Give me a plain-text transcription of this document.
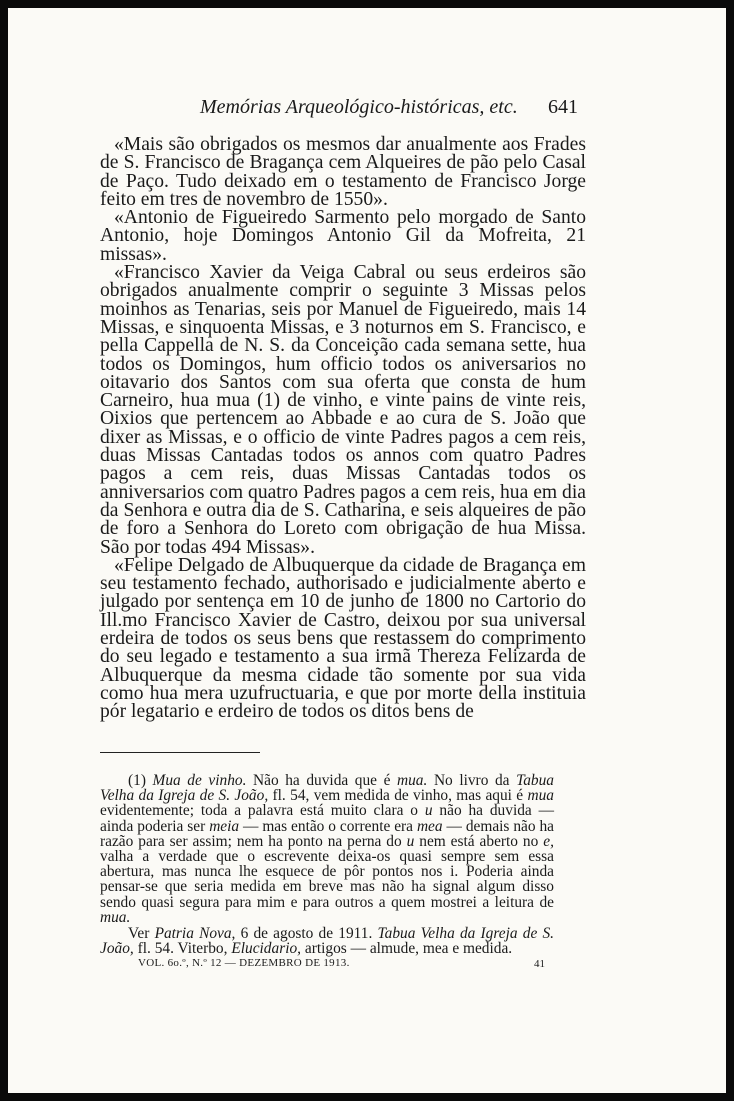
Memórias Arqueológico-históricas, etc. 641

«Mais são obrigados os mesmos dar anualmente aos Frades de S. Francisco de Bragança cem Alqueires de pão pelo Casal de Paço. Tudo deixado em o testamento de Francisco Jorge feito em tres de novembro de 1550».

«Antonio de Figueiredo Sarmento pelo morgado de Santo Antonio, hoje Domingos Antonio Gil da Mofreita, 21 missas».

«Francisco Xavier da Veiga Cabral ou seus erdeiros são obrigados anualmente comprir o seguinte 3 Missas pelos moinhos as Tenarias, seis por Manuel de Figueiredo, mais 14 Missas, e sinquoenta Missas, e 3 noturnos em S. Francisco, e pella Cappella de N. S. da Conceição cada semana sette, hua todos os Domingos, hum officio todos os aniversarios no oitavario dos Santos com sua oferta que consta de hum Carneiro, hua mua (1) de vinho, e vinte pains de vinte reis, Oixios que pertencem ao Abbade e ao cura de S. João que dixer as Missas, e o officio de vinte Padres pagos a cem reis, duas Missas Cantadas todos os annos com quatro Padres pagos a cem reis, duas Missas Cantadas todos os anniversarios com quatro Padres pagos a cem reis, hua em dia da Senhora e outra dia de S. Catharina, e seis alqueires de pão de foro a Senhora do Loreto com obrigação de hua Missa. São por todas 494 Missas».

«Felipe Delgado de Albuquerque da cidade de Bragança em seu testamento fechado, authorisado e judicialmente aberto e julgado por sentença em 10 de junho de 1800 no Cartorio do Ill.mo Francisco Xavier de Castro, deixou por sua universal erdeira de todos os seus bens que restassem do comprimento do seu legado e testamento a sua irmã Thereza Felizarda de Albuquerque da mesma cidade tão somente por sua vida como hua mera uzufructuaria, e que por morte della instituia pór legatario e erdeiro de todos os ditos bens de

(1) Mua de vinho. Não ha duvida que é mua. No livro da Tabua Velha da Igreja de S. João, fl. 54, vem medida de vinho, mas aqui é mua evidentemente; toda a palavra está muito clara o u não ha duvida — ainda poderia ser meia — mas então o corrente era mea — demais não ha razão para ser assim; nem ha ponto na perna do u nem está aberto no e, valha a verdade que o escrevente deixa-os quasi sempre sem essa abertura, mas nunca lhe esquece de pôr pontos nos i. Poderia ainda pensar-se que seria medida em breve mas não ha signal algum disso sendo quasi segura para mim e para outros a quem mostrei a leitura de mua.

Ver Patria Nova, 6 de agosto de 1911. Tabua Velha da Igreja de S. João, fl. 54. Viterbo, Elucidario, artigos — almude, mea e medida.

VOL. 6o.º, N.º 12 — DEZEMBRO DE 1913.	41
